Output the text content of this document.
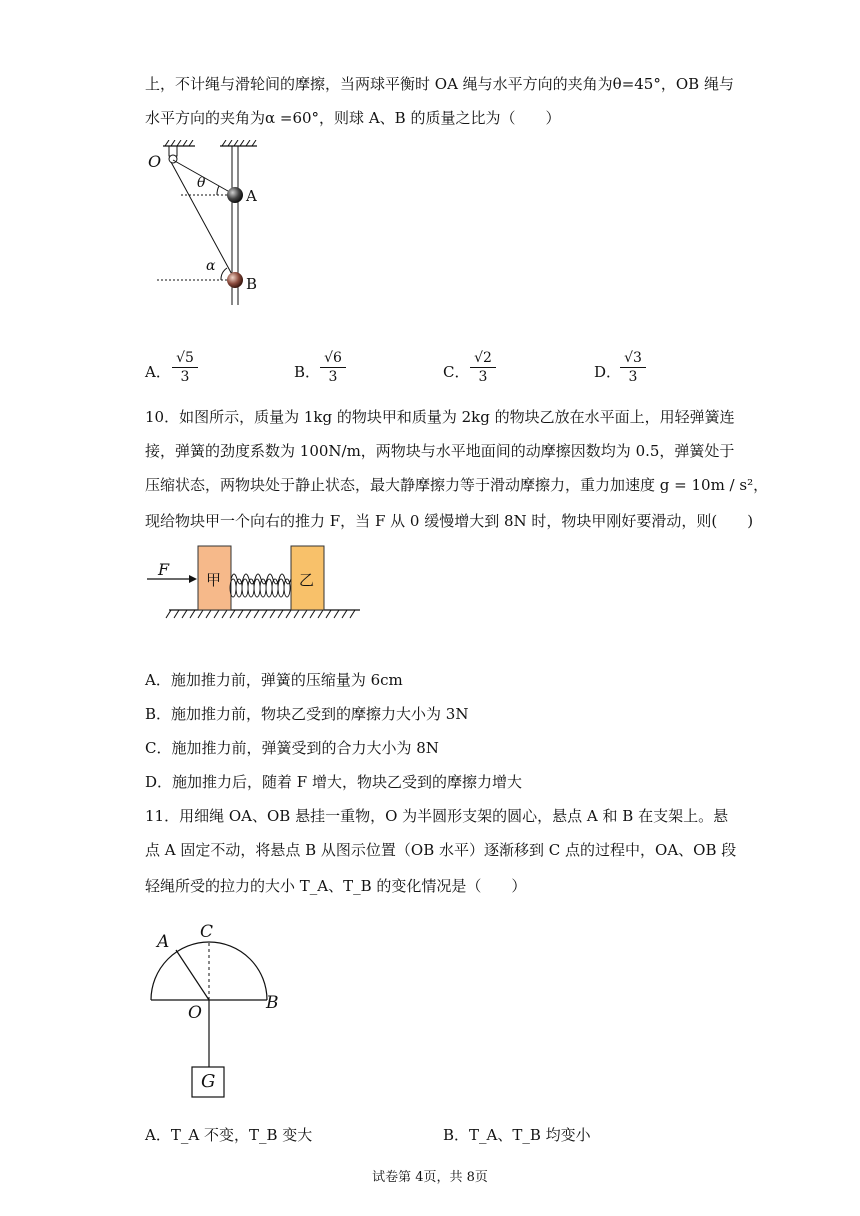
上，不计绳与滑轮间的摩擦，当两球平衡时 OA 绳与水平方向的夹角为θ=45°，OB 绳与
水平方向的夹角为α =60°，则球 A、B 的质量之比为（　　）
O
θ
A
α
B
A． $\frac{√5}{3}$	B． $\frac{√6}{3}$	C． $\frac{√2}{3}$	D．
$\frac{√3}{3}$
10．如图所示，质量为 1kg 的物块甲和质量为 2kg 的物块乙放在水平面上，用轻弹簧连
接，弹簧的劲度系数为 100N/m，两物块与水平地面间的动摩擦因数均为 0.5，弹簧处于
压缩状态，两物块处于静止状态，最大静摩擦力等于滑动摩擦力，重力加速度 g = 10m / s²，
现给物块甲一个向右的推力 F，当 F 从 0 缓慢增大到 8N 时，物块甲刚好要滑动，则(　　)
F
甲	乙
A．施加推力前，弹簧的压缩量为 6cm
B．施加推力前，物块乙受到的摩擦力大小为 3N
C．施加推力前，弹簧受到的合力大小为 8N
D．施加推力后，随着 F 增大，物块乙受到的摩擦力增大
11．用细绳 OA、OB 悬挂一重物，O 为半圆形支架的圆心，悬点 A 和 B 在支架上。悬
点 A 固定不动，将悬点 B 从图示位置（OB 水平）逐渐移到 C 点的过程中，OA、OB 段
轻绳所受的拉力的大小 T_A、T_B 的变化情况是（　　）
A C
O	B
G
A．T_A 不变，T_B 变大	B．T_A、T_B 均变小
试卷第 4页，共 8页
